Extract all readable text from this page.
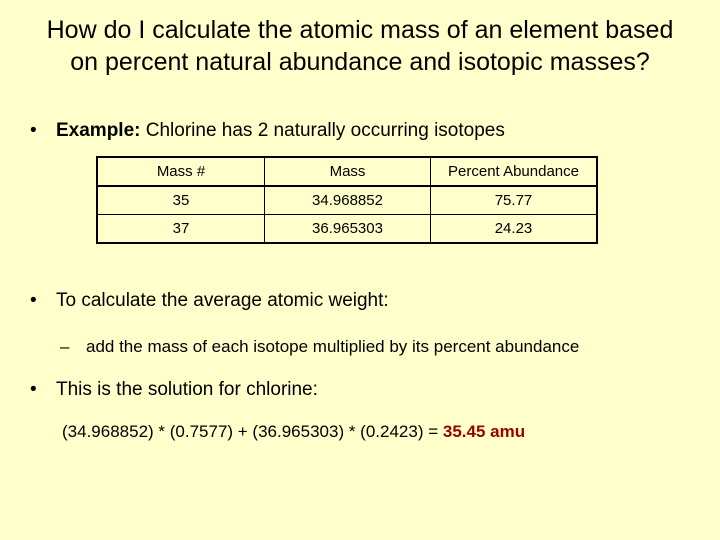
How do I calculate the atomic mass of an element based
on percent natural abundance and isotopic masses?
• Example: Chlorine has 2 naturally occurring isotopes
Mass #	Mass	Percent Abundance
35	34.968852	75.77
37	36.965303	24.23
• To calculate the average atomic weight:
– add the mass of each isotope multiplied by its percent abundance
• This is the solution for chlorine:
(34.968852) * (0.7577) + (36.965303) * (0.2423) = 35.45 amu
